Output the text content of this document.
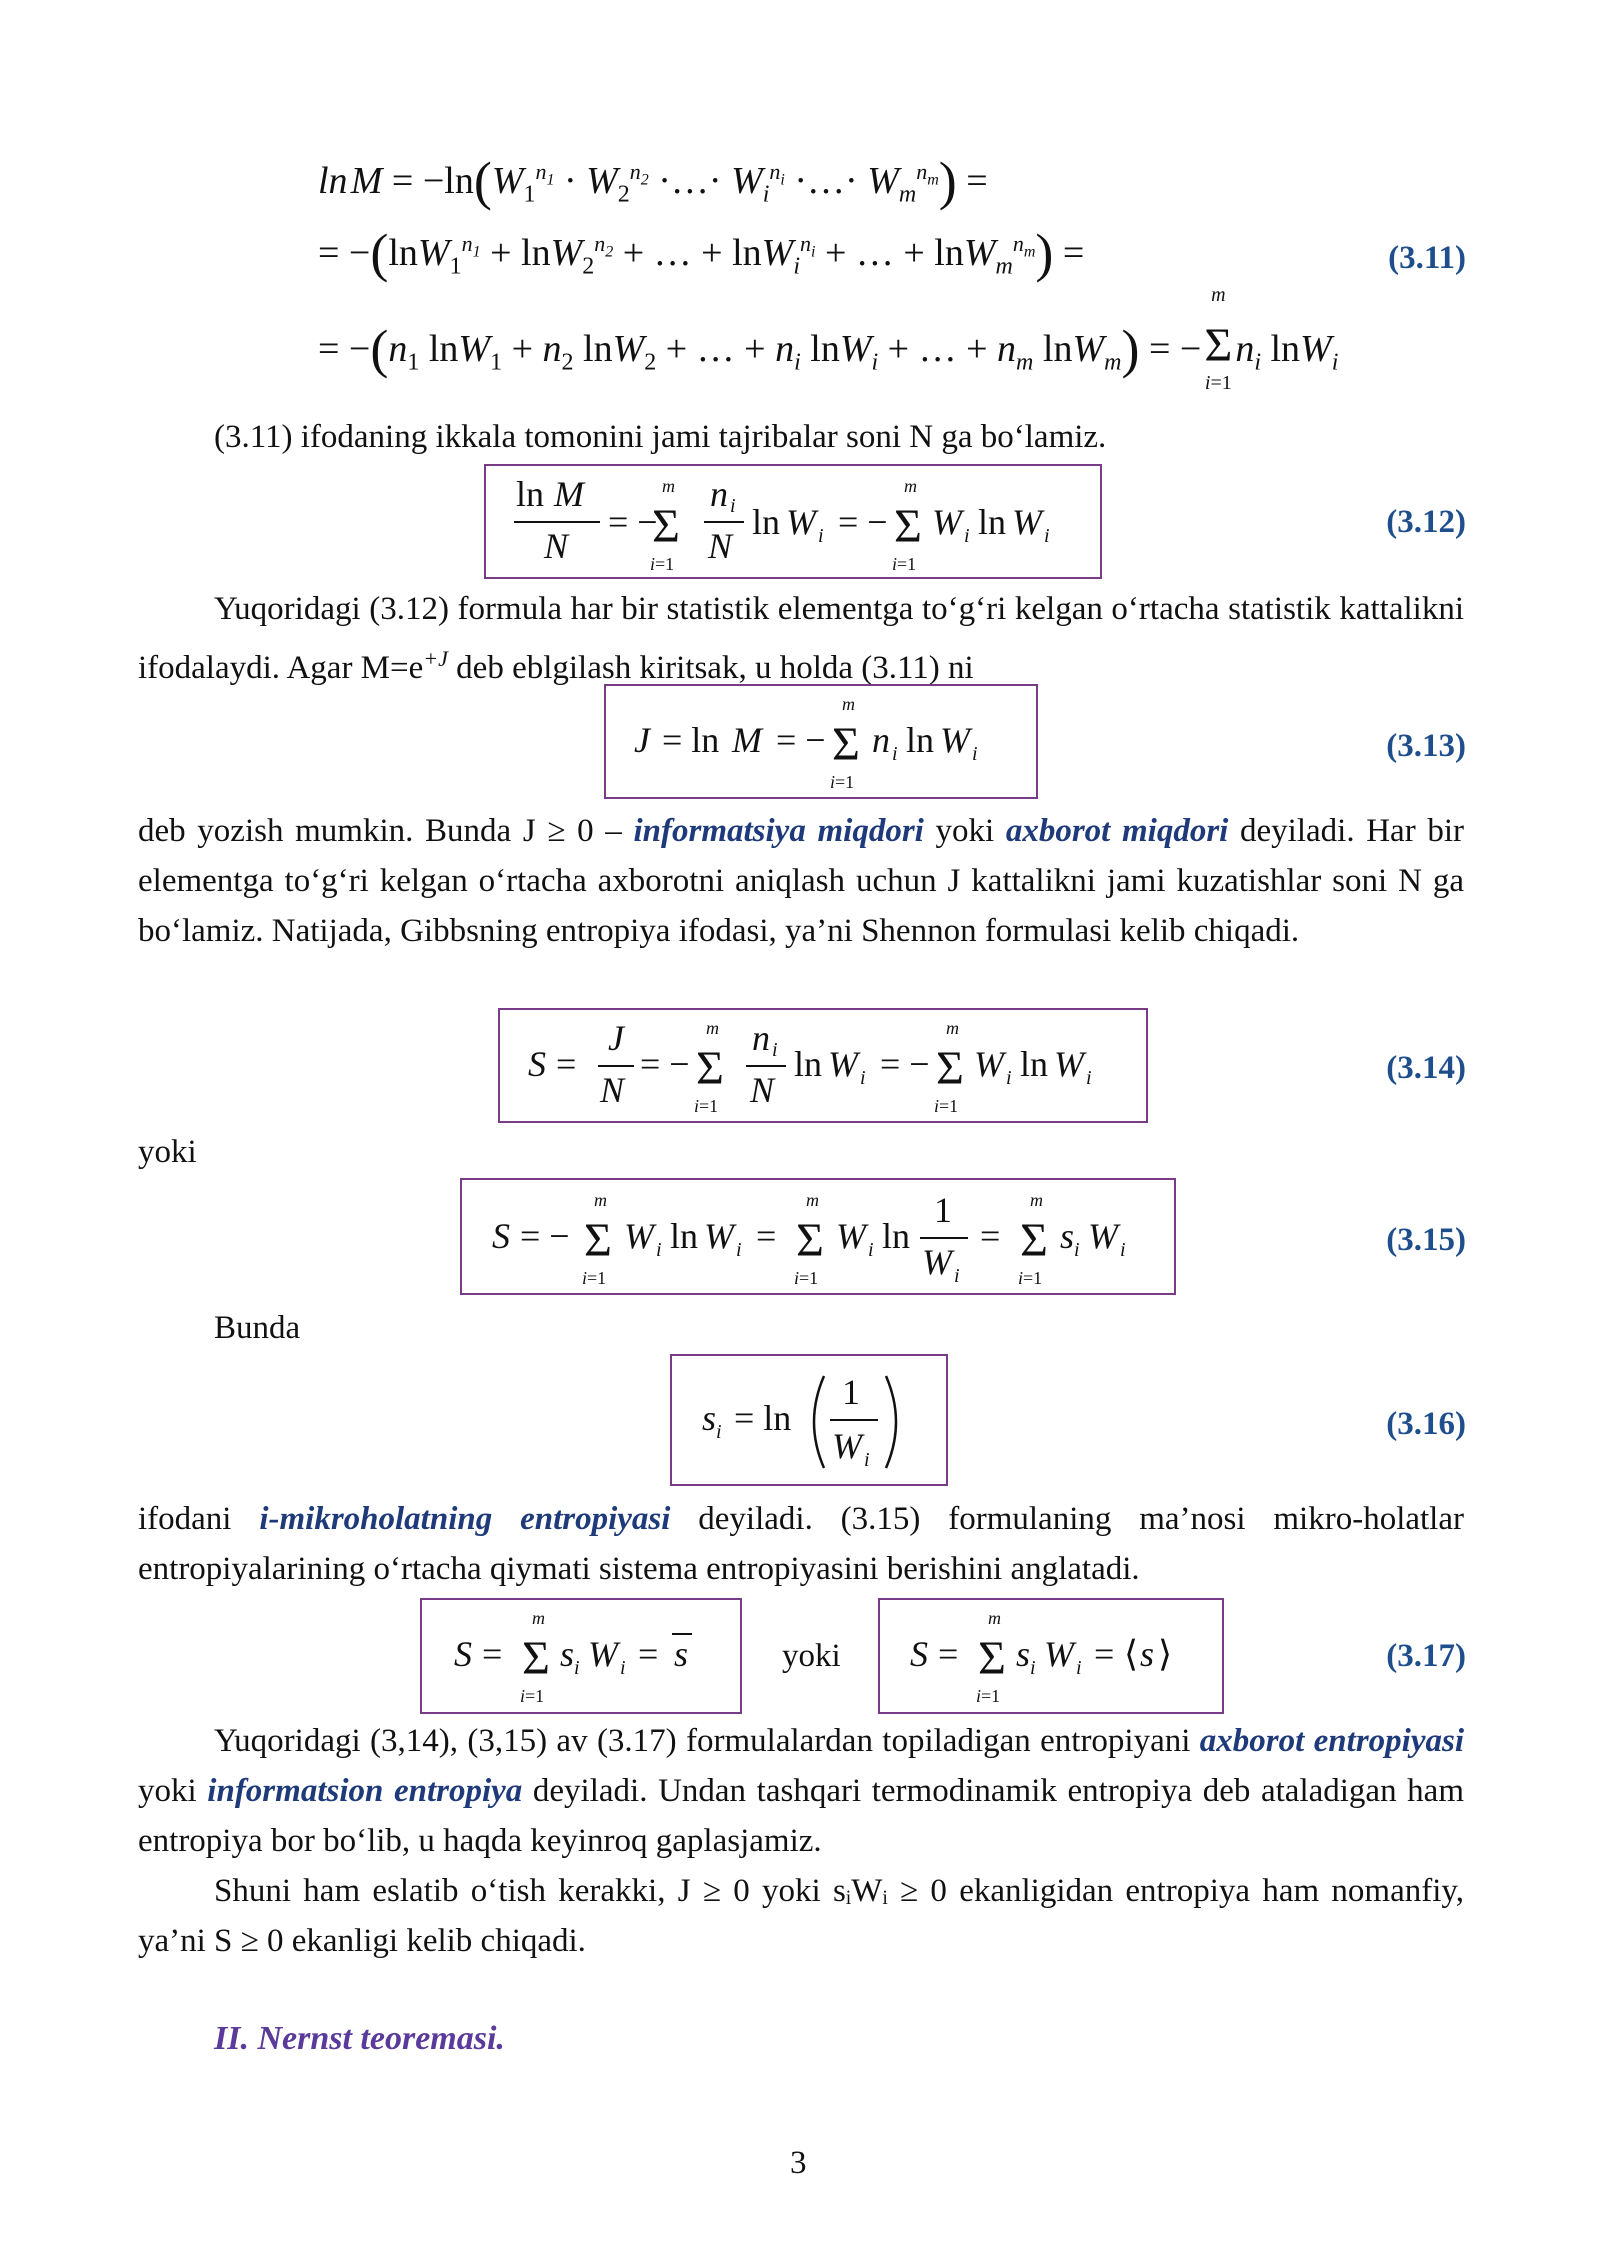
ln $M = -\ln(W_1^{n_1} \cdot W_2^{n_2}$ ·…· $W_i^{n_i}$ ·…· $W_m^{n_m}$) =
= −(lnW$_1^{n_1}$ + lnW$_2^{n_2}$ + … + lnW$_i^{n_i}$ + … + lnW$_m^{n_m}$) =	(3.11)
= $-(n_1$ $\ln W_1 + n_2$ lnW$_2$ + … + $n_i$ lnW$_i$ + … + $n_m$ lnW$_m$) = −
m
Σ
i=1
$n_i$ lnW$_i$
(3.11) ifodaning ikkala tomonini jami tajribalar soni N ga bo‘lamiz.
ln M
N
= −
m
Σ
i=1
n i
N
ln W i = −
m
Σ
i=1
W i ln W i	(3.12)
Yuqoridagi (3.12) formula har bir statistik elementga to‘g‘ri kelgan o‘rtacha statistik kattalikni ifodalaydi. Agar $M=e^{+J}$ deb eblgilash kiritsak, u holda (3.11) ni
J = ln M = −
m
Σ
i=1
n i ln W i	(3.13)
deb yozish mumkin. Bunda J ≥ 0 – informatsiya miqdori yoki axborot miqdori deyiladi. Har bir elementga to‘g‘ri kelgan o‘rtacha axborotni aniqlash uchun J kattalikni jami kuzatishlar soni N ga bo‘lamiz. Natijada, Gibbsning entropiya ifodasi, ya’ni Shennon formulasi kelib chiqadi.
S =
J
N
= −
m
Σ
i=1
n i
N
ln W i = −
m
Σ
i=1
W i ln W i	(3.14)
yoki
S = −
m
Σ
i=1
W i ln W i =
m
Σ
i=1
W i ln
1
W i
=
m
Σ
i=1
s i W i	(3.15)
Bunda
s i = ln
1
W i
(3.16)
ifodani i-mikroholatning entropiyasi deyiladi. (3.15) formulaning ma’nosi mikro-holatlar entropiyalarining o‘rtacha qiymati sistema entropiyasini berishini anglatadi.
S =
m
Σ
i=1
s i W i = s	yoki S =
m
Σ
i=1
s i W i = ⟨ s ⟩	(3.17)
Yuqoridagi (3,14), (3,15) av (3.17) formulalardan topiladigan entropiyani axborot entropiyasi yoki informatsion entropiya deyiladi. Undan tashqari termodinamik entropiya deb ataladigan ham entropiya bor bo‘lib, u haqda keyinroq gaplasjamiz.
Shuni ham eslatib o‘tish kerakki, J ≥ 0 yoki sᵢWᵢ ≥ 0 ekanligidan entropiya ham nomanfiy, ya’ni S ≥ 0 ekanligi kelib chiqadi.
II. Nernst teoremasi.
3
